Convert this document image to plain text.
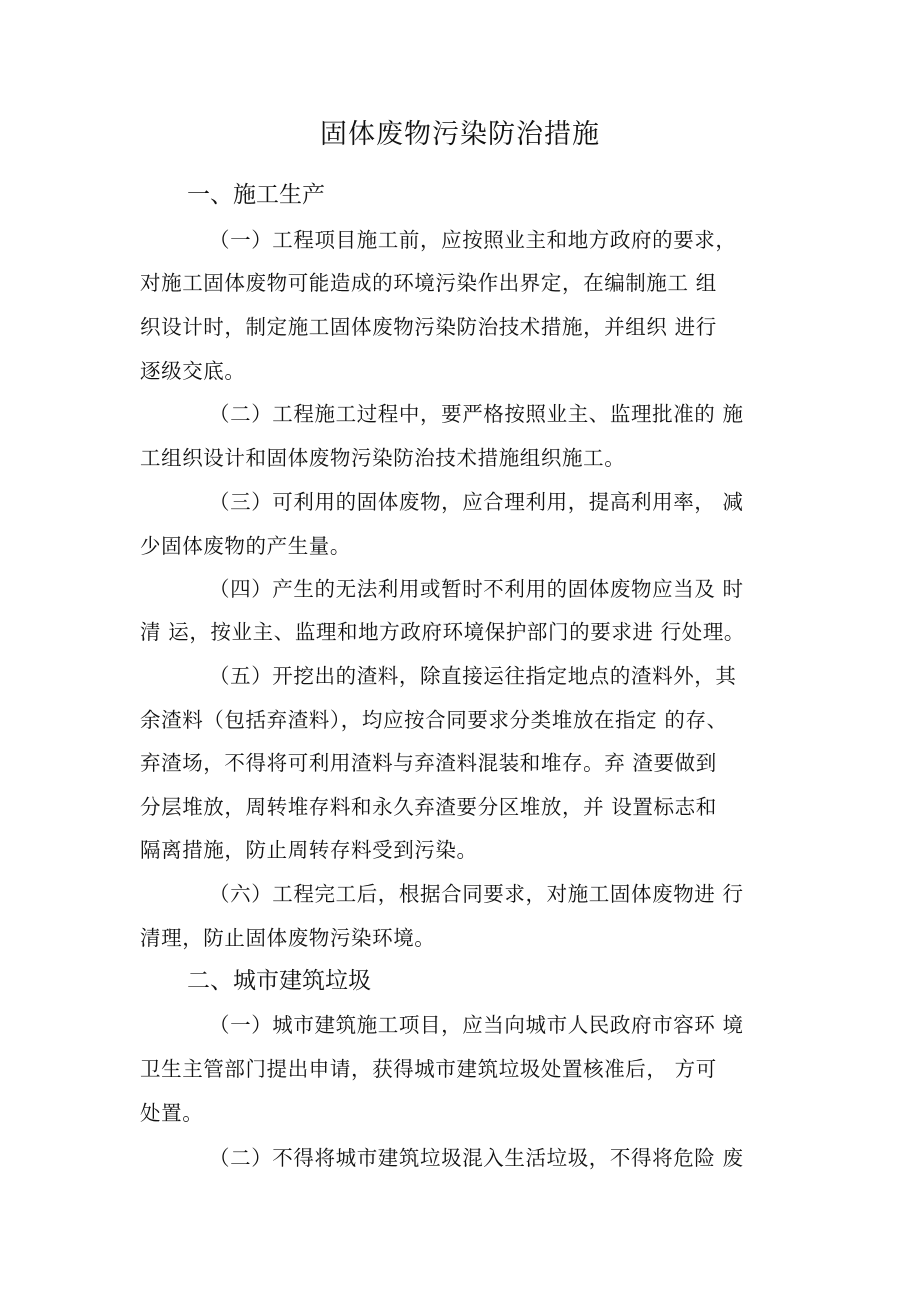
固体废物污染防治措施
一、施工生产
（一）工程项目施工前，应按照业主和地方政府的要求，
对施工固体废物可能造成的环境污染作出界定，在编制施工 组
织设计时，制定施工固体废物污染防治技术措施，并组织 进行
逐级交底。
（二）工程施工过程中，要严格按照业主、监理批准的 施
工组织设计和固体废物污染防治技术措施组织施工。
（三）可利用的固体废物，应合理利用，提高利用率， 减
少固体废物的产生量。
（四）产生的无法利用或暂时不利用的固体废物应当及 时
清 运，按业主、监理和地方政府环境保护部门的要求进 行处理。
（五）开挖出的渣料，除直接运往指定地点的渣料外，其
余渣料（包括弃渣料），均应按合同要求分类堆放在指定 的存、
弃渣场，不得将可利用渣料与弃渣料混装和堆存。弃 渣要做到
分层堆放，周转堆存料和永久弃渣要分区堆放，并 设置标志和
隔离措施，防止周转存料受到污染。
（六）工程完工后，根据合同要求，对施工固体废物进 行
清理，防止固体废物污染环境。
二、城市建筑垃圾
（一）城市建筑施工项目，应当向城市人民政府市容环 境
卫生主管部门提出申请，获得城市建筑垃圾处置核准后， 方可
处置。
（二）不得将城市建筑垃圾混入生活垃圾，不得将危险 废
